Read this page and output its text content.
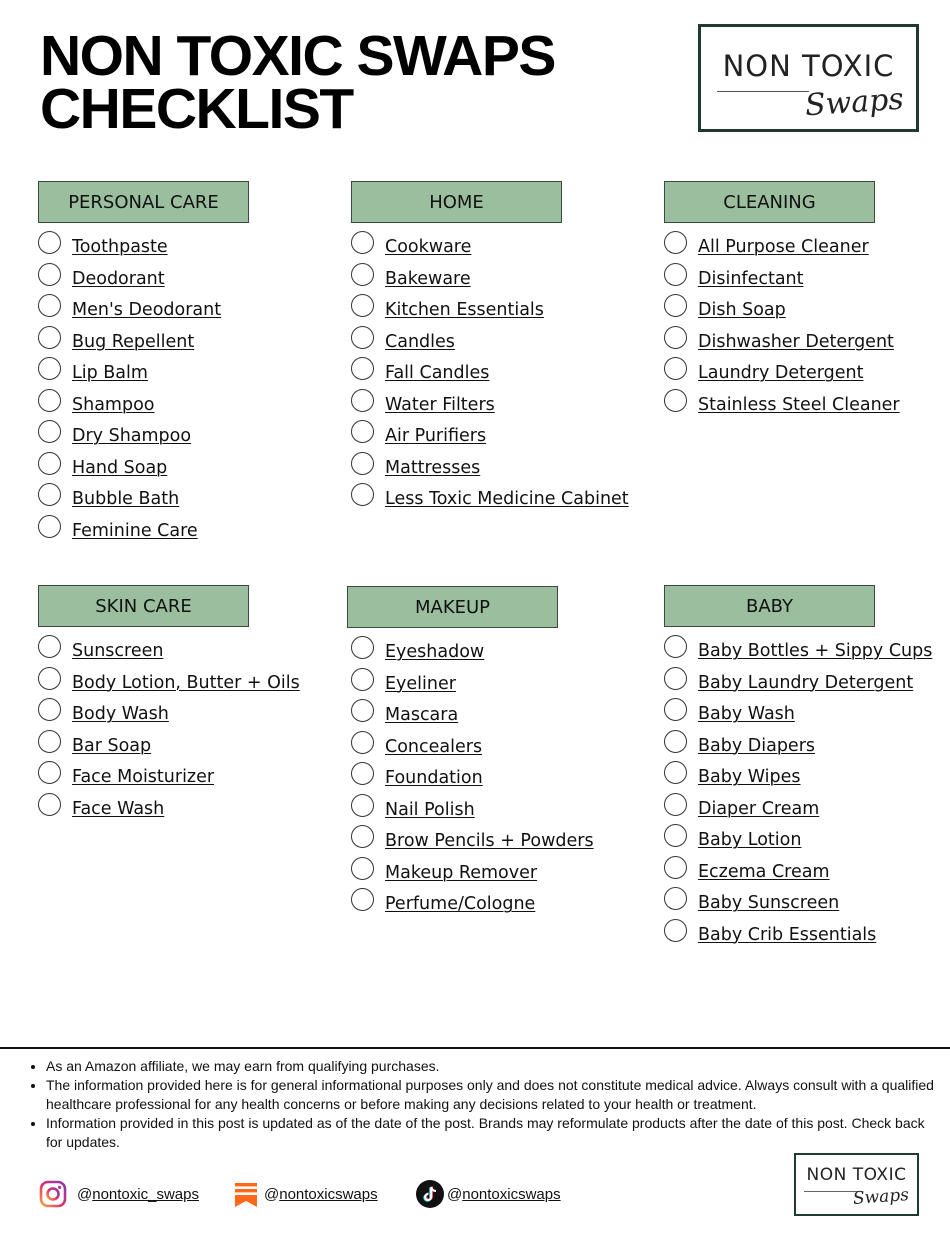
NON TOXIC SWAPS
CHECKLIST
NON TOXIC
Swaps
PERSONAL CARE
Toothpaste
Deodorant
Men's Deodorant
Bug Repellent
Lip Balm
Shampoo
Dry Shampoo
Hand Soap
Bubble Bath
Feminine Care
HOME
Cookware
Bakeware
Kitchen Essentials
Candles
Fall Candles
Water Filters
Air Purifiers
Mattresses
Less Toxic Medicine Cabinet
CLEANING
All Purpose Cleaner
Disinfectant
Dish Soap
Dishwasher Detergent
Laundry Detergent
Stainless Steel Cleaner
SKIN CARE
Sunscreen
Body Lotion, Butter + Oils
Body Wash
Bar Soap
Face Moisturizer
Face Wash
MAKEUP
Eyeshadow
Eyeliner
Mascara
Concealers
Foundation
Nail Polish
Brow Pencils + Powders
Makeup Remover
Perfume/Cologne
BABY
Baby Bottles + Sippy Cups
Baby Laundry Detergent
Baby Wash
Baby Diapers
Baby Wipes
Diaper Cream
Baby Lotion
Eczema Cream
Baby Sunscreen
Baby Crib Essentials
• As an Amazon affiliate, we may earn from qualifying purchases.
• The information provided here is for general informational purposes only and does not constitute medical advice. Always consult with a qualified healthcare professional for any health concerns or before making any decisions related to your health or treatment.
• Information provided in this post is updated as of the date of the post. Brands may reformulate products after the date of this post. Check back for updates.
@nontoxic_swaps	@nontoxicswaps	@nontoxicswaps
NON TOXIC
Swaps
